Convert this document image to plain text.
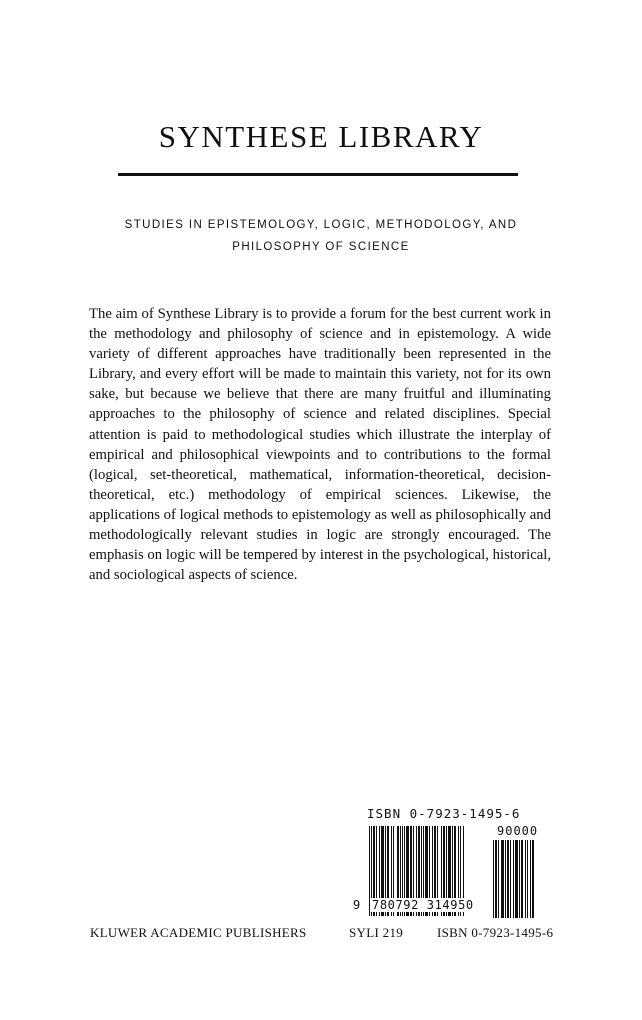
SYNTHESE LIBRARY
STUDIES IN EPISTEMOLOGY, LOGIC, METHODOLOGY, AND
PHILOSOPHY OF SCIENCE

The aim of Synthese Library is to provide a forum for the best current work in the methodology and philosophy of science and in epistemology. A wide variety of different approaches have traditionally been represented in the Library, and every effort will be made to maintain this variety, not for its own sake, but because we believe that there are many fruitful and illuminating approaches to the philosophy of science and related disciplines. Special attention is paid to methodological studies which illustrate the interplay of empirical and philosophical viewpoints and to contributions to the formal (logical, set-theoretical, mathematical, information-theoretical, decision-theoretical, etc.) methodology of empirical sciences. Likewise, the applications of logical methods to epistemology as well as philosophically and methodologically relevant studies in logic are strongly encouraged. The emphasis on logic will be tempered by interest in the psychological, historical, and sociological aspects of science.

ISBN 0-7923-1495-6
90000
9 780792 314950
KLUWER ACADEMIC PUBLISHERS	SYLI 219	ISBN 0-7923-1495-6
